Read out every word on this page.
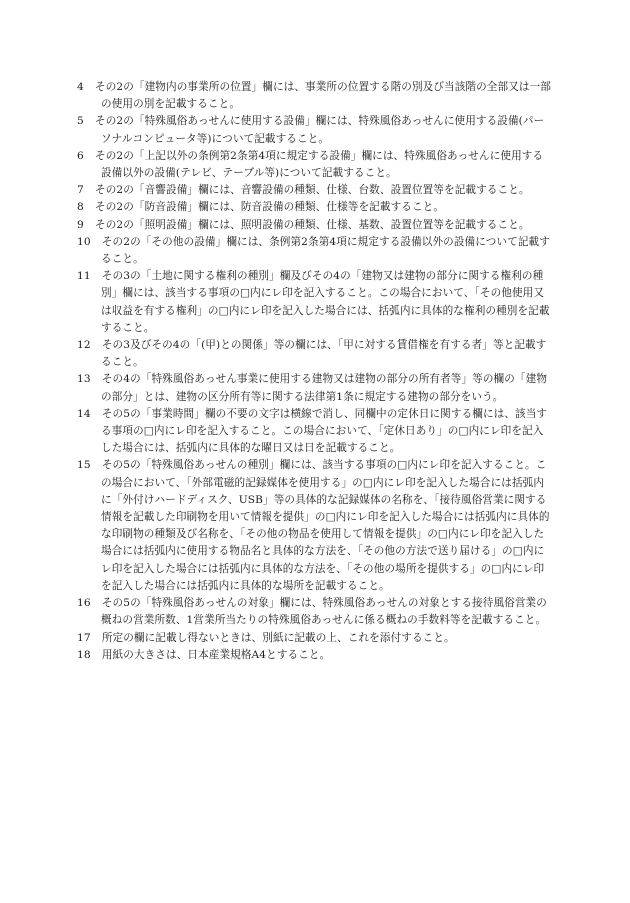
4 その2の「建物内の事業所の位置」欄には、事業所の位置する階の別及び当該階の全部又は一部の使用の別を記載すること。
5 その2の「特殊風俗あっせんに使用する設備」欄には、特殊風俗あっせんに使用する設備(パーソナルコンピュータ等)について記載すること。
6 その2の「上記以外の条例第2条第4項に規定する設備」欄には、特殊風俗あっせんに使用する設備以外の設備(テレビ、テーブル等)について記載すること。
7 その2の「音響設備」欄には、音響設備の種類、仕様、台数、設置位置等を記載すること。
8 その2の「防音設備」欄には、防音設備の種類、仕様等を記載すること。
9 その2の「照明設備」欄には、照明設備の種類、仕様、基数、設置位置等を記載すること。
10 その2の「その他の設備」欄には、条例第2条第4項に規定する設備以外の設備について記載すること。
11 その3の「土地に関する権利の種別」欄及びその4の「建物又は建物の部分に関する権利の種別」欄には、該当する事項の□内にレ印を記入すること。この場合において、「その他使用又は収益を有する権利」の□内にレ印を記入した場合には、括弧内に具体的な権利の種別を記載すること。
12 その3及びその4の「(甲)との関係」等の欄には、「甲に対する賃借権を有する者」等と記載すること。
13 その4の「特殊風俗あっせん事業に使用する建物又は建物の部分の所有者等」等の欄の「建物の部分」とは、建物の区分所有等に関する法律第1条に規定する建物の部分をいう。
14 その5の「事業時間」欄の不要の文字は横線で消し、同欄中の定休日に関する欄には、該当する事項の□内にレ印を記入すること。この場合において、「定休日あり」の□内にレ印を記入した場合には、括弧内に具体的な曜日又は日を記載すること。
15 その5の「特殊風俗あっせんの種別」欄には、該当する事項の□内にレ印を記入すること。この場合において、「外部電磁的記録媒体を使用する」の□内にレ印を記入した場合には括弧内に「外付けハードディスク、USB」等の具体的な記録媒体の名称を、「接待風俗営業に関する情報を記載した印刷物を用いて情報を提供」の□内にレ印を記入した場合には括弧内に具体的な印刷物の種類及び名称を、「その他の物品を使用して情報を提供」の□内にレ印を記入した場合には括弧内に使用する物品名と具体的な方法を、「その他の方法で送り届ける」の□内にレ印を記入した場合には括弧内に具体的な方法を、「その他の場所を提供する」の□内にレ印を記入した場合には括弧内に具体的な場所を記載すること。
16 その5の「特殊風俗あっせんの対象」欄には、特殊風俗あっせんの対象とする接待風俗営業の概ねの営業所数、1営業所当たりの特殊風俗あっせんに係る概ねの手数料等を記載すること。
17 所定の欄に記載し得ないときは、別紙に記載の上、これを添付すること。
18 用紙の大きさは、日本産業規格A4とすること。
